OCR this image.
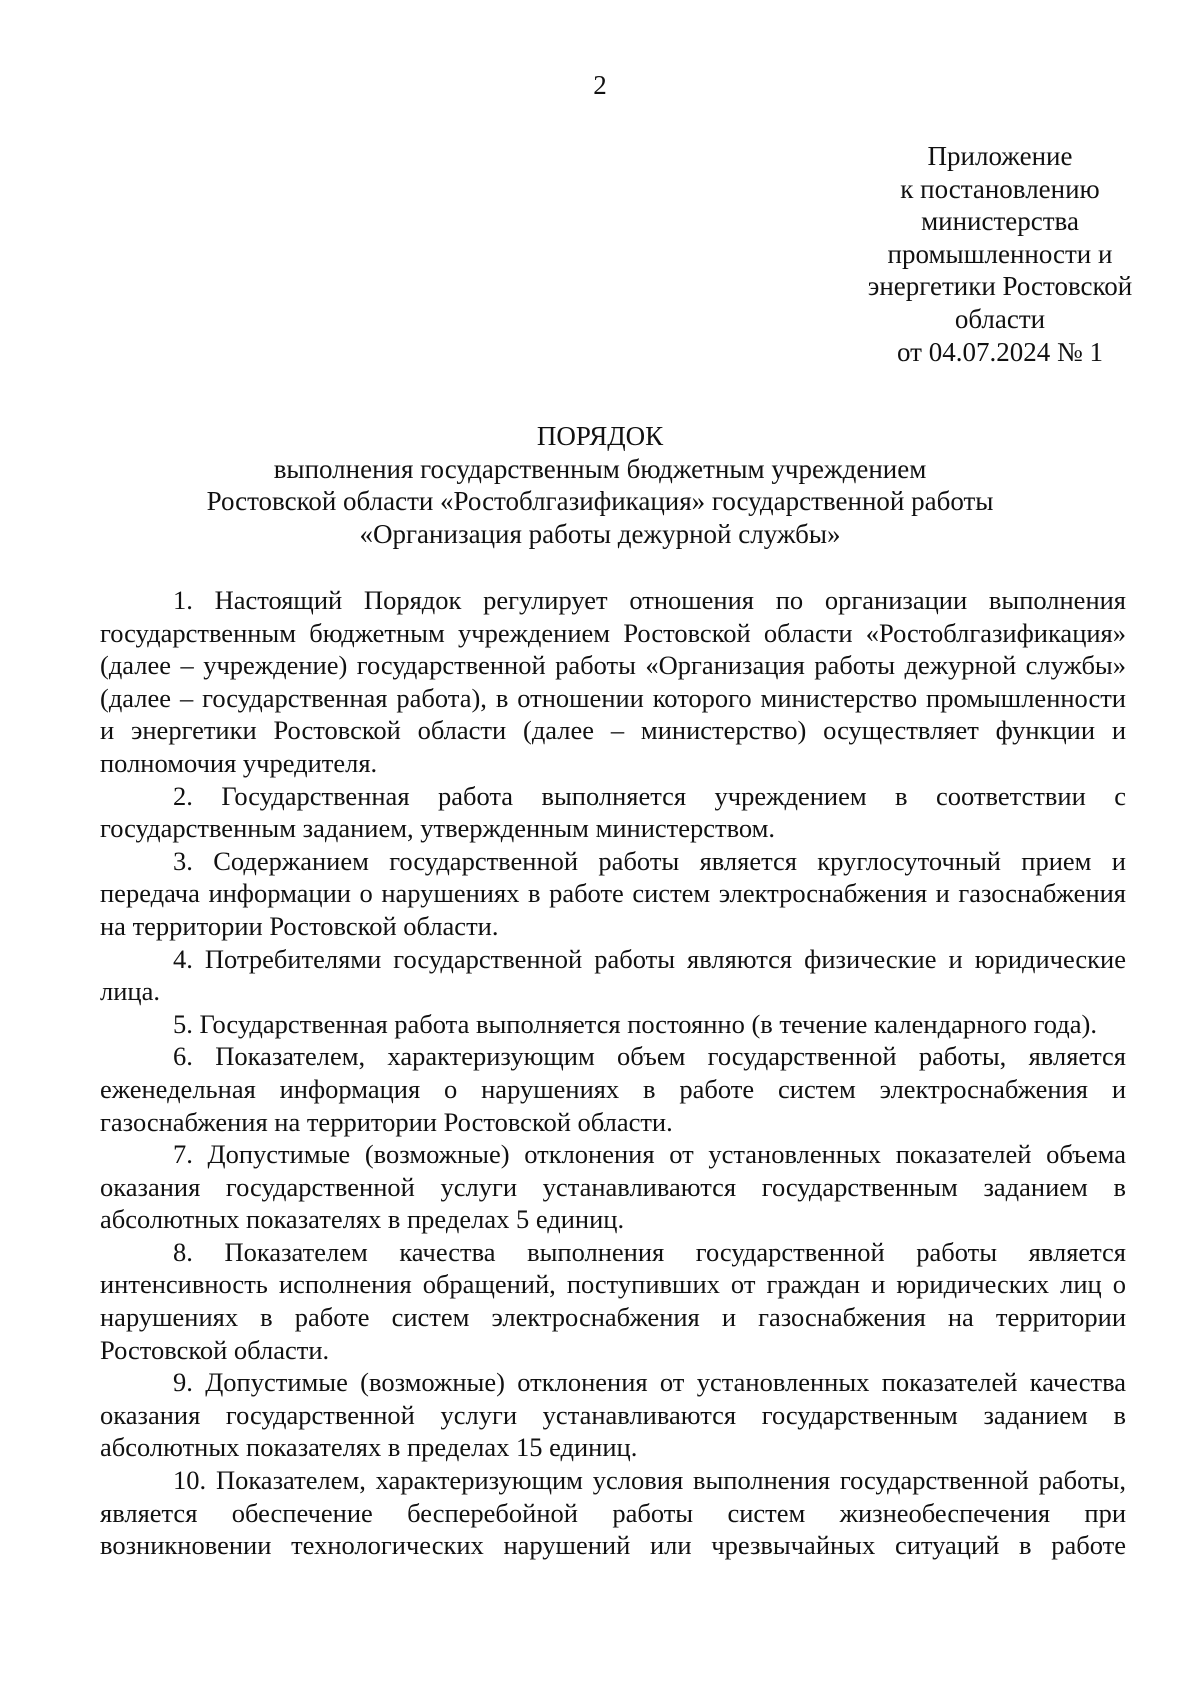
2
Приложение
к постановлению
министерства
промышленности и
энергетики Ростовской
области
от 04.07.2024 № 1
ПОРЯДОК
выполнения государственным бюджетным учреждением
Ростовской области «Ростоблгазификация» государственной работы
«Организация работы дежурной службы»

1. Настоящий Порядок регулирует отношения по организации выполнения государственным бюджетным учреждением Ростовской области «Ростоблгазификация» (далее – учреждение) государственной работы «Организация работы дежурной службы» (далее – государственная работа), в отношении которого министерство промышленности и энергетики Ростовской области (далее – министерство) осуществляет функции и полномочия учредителя.

2. Государственная работа выполняется учреждением в соответствии с государственным заданием, утвержденным министерством.

3. Содержанием государственной работы является круглосуточный прием и передача информации о нарушениях в работе систем электроснабжения и газоснабжения на территории Ростовской области.

4. Потребителями государственной работы являются физические и юридические лица.

5. Государственная работа выполняется постоянно (в течение календарного года).

6. Показателем, характеризующим объем государственной работы, является еженедельная информация о нарушениях в работе систем электроснабжения и газоснабжения на территории Ростовской области.

7. Допустимые (возможные) отклонения от установленных показателей объема оказания государственной услуги устанавливаются государственным заданием в абсолютных показателях в пределах 5 единиц.

8. Показателем качества выполнения государственной работы является интенсивность исполнения обращений, поступивших от граждан и юридических лиц о нарушениях в работе систем электроснабжения и газоснабжения на территории Ростовской области.

9. Допустимые (возможные) отклонения от установленных показателей качества оказания государственной услуги устанавливаются государственным заданием в абсолютных показателях в пределах 15 единиц.

10. Показателем, характеризующим условия выполнения государственной работы, является обеспечение бесперебойной работы систем жизнеобеспечения при возникновении технологических нарушений или чрезвычайных ситуаций в работе
